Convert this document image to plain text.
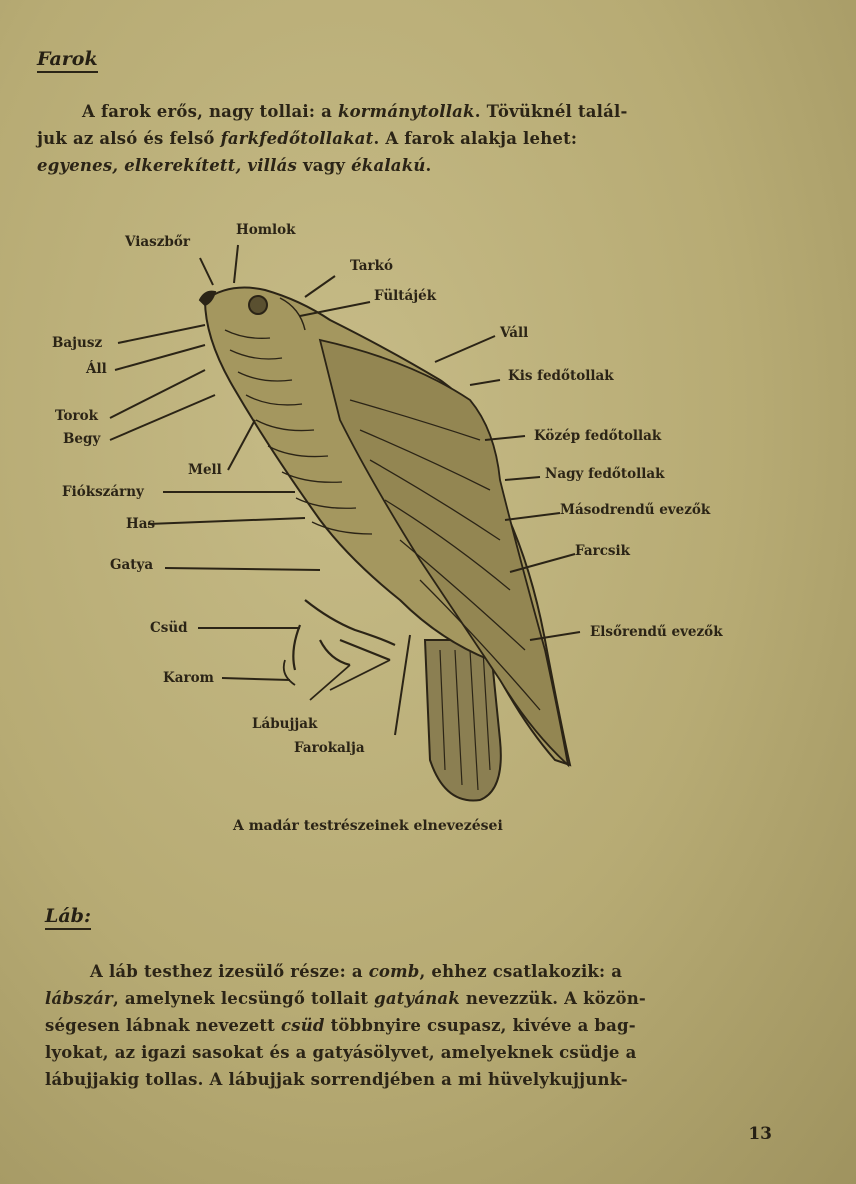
Farok
A farok erős, nagy tollai: a kormánytollak. Tövüknél talál-
juk az alsó és felső farkfedőtollakat. A farok alakja lehet:
egyenes, elkerekített, villás vagy ékalakú.
Viaszbőr
Homlok
Tarkó
Fültájék
Bajusz
Áll
Váll
Kis fedőtollak
Torok
Begy	Közép fedőtollak
Mell	Nagy fedőtollak
Fiókszárny
Másodrendű evezők
Has
Farcsik
Gatya
Csüd	Elsőrendű evezők
Karom
Lábujjak
Farokalja
A madár testrészeinek elnevezései
Láb:
A láb testhez izesülő része: a comb, ehhez csatlakozik: a
lábszár, amelynek lecsüngő tollait gatyának nevezzük. A közön-
ségesen lábnak nevezett csüd többnyire csupasz, kivéve a bag-
lyokat, az igazi sasokat és a gatyásölyvet, amelyeknek csüdje a
lábujjakig tollas. A lábujjak sorrendjében a mi hüvelykujjunk-
13
